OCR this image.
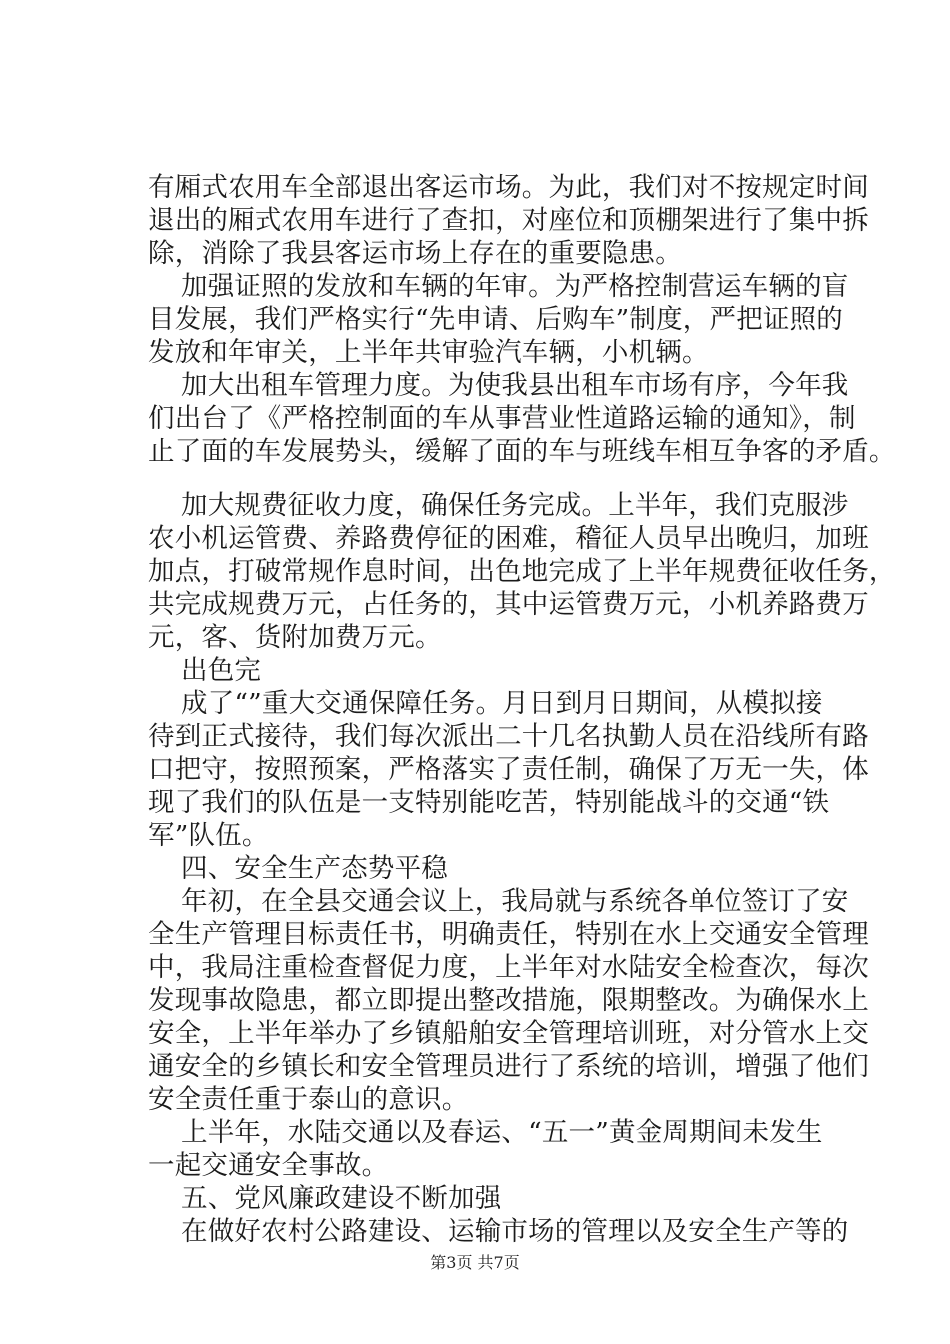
有厢式农用车全部退出客运市场。为此，我们对不按规定时间
退出的厢式农用车进行了查扣，对座位和顶棚架进行了集中拆
除，消除了我县客运市场上存在的重要隐患。
加强证照的发放和车辆的年审。为严格控制营运车辆的盲
目发展，我们严格实行“先申请、后购车”制度，严把证照的
发放和年审关，上半年共审验汽车辆，小机辆。
加大出租车管理力度。为使我县出租车市场有序，今年我
们出台了《严格控制面的车从事营业性道路运输的通知》，制
止了面的车发展势头，缓解了面的车与班线车相互争客的矛盾。
加大规费征收力度，确保任务完成。上半年，我们克服涉
农小机运管费、养路费停征的困难，稽征人员早出晚归，加班
加点，打破常规作息时间，出色地完成了上半年规费征收任务，
共完成规费万元，占任务的，其中运管费万元，小机养路费万
元，客、货附加费万元。
出色完
成了“”重大交通保障任务。月日到月日期间，从模拟接
待到正式接待，我们每次派出二十几名执勤人员在沿线所有路
口把守，按照预案，严格落实了责任制，确保了万无一失，体
现了我们的队伍是一支特别能吃苦，特别能战斗的交通“铁
军”队伍。
四、安全生产态势平稳
年初，在全县交通会议上，我局就与系统各单位签订了安
全生产管理目标责任书，明确责任，特别在水上交通安全管理
中，我局注重检查督促力度，上半年对水陆安全检查次，每次
发现事故隐患，都立即提出整改措施，限期整改。为确保水上
安全，上半年举办了乡镇船舶安全管理培训班，对分管水上交
通安全的乡镇长和安全管理员进行了系统的培训，增强了他们
安全责任重于泰山的意识。
上半年，水陆交通以及春运、“五一”黄金周期间未发生
一起交通安全事故。
五、党风廉政建设不断加强
在做好农村公路建设、运输市场的管理以及安全生产等的
第3页 共7页
